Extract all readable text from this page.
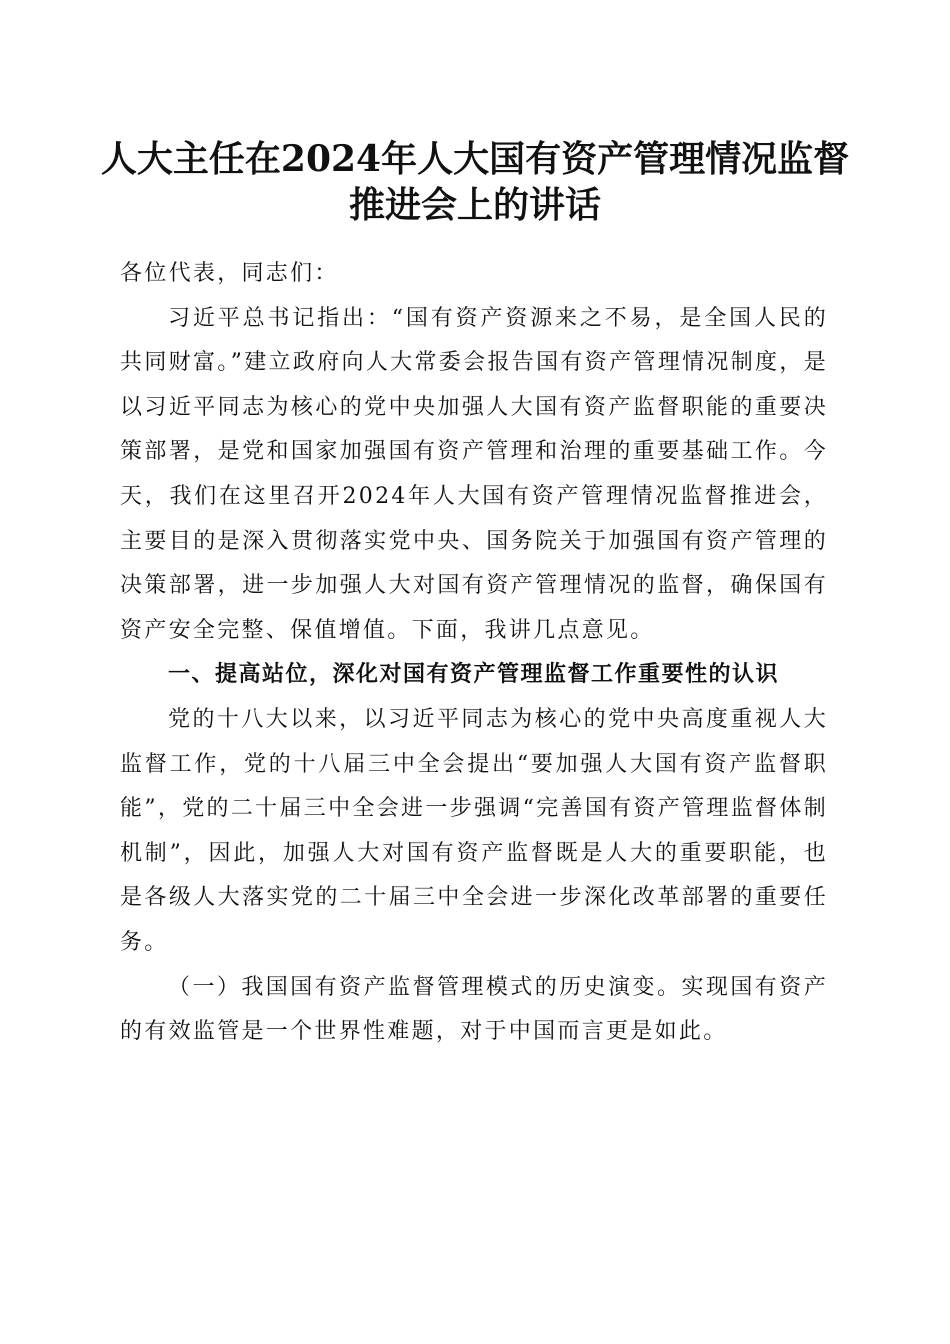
人大主任在2024年人大国有资产管理情况监督推进会上的讲话

各位代表，同志们：

习近平总书记指出：“国有资产资源来之不易，是全国人民的共同财富。”建立政府向人大常委会报告国有资产管理情况制度，是以习近平同志为核心的党中央加强人大国有资产监督职能的重要决策部署，是党和国家加强国有资产管理和治理的重要基础工作。今天，我们在这里召开2024年人大国有资产管理情况监督推进会，主要目的是深入贯彻落实党中央、国务院关于加强国有资产管理的决策部署，进一步加强人大对国有资产管理情况的监督，确保国有资产安全完整、保值增值。下面，我讲几点意见。

一、提高站位，深化对国有资产管理监督工作重要性的认识

党的十八大以来，以习近平同志为核心的党中央高度重视人大监督工作，党的十八届三中全会提出“要加强人大国有资产监督职能”，党的二十届三中全会进一步强调“完善国有资产管理监督体制机制”，因此，加强人大对国有资产监督既是人大的重要职能，也是各级人大落实党的二十届三中全会进一步深化改革部署的重要任务。

（一）我国国有资产监督管理模式的历史演变。实现国有资产的有效监管是一个世界性难题，对于中国而言更是如此。
